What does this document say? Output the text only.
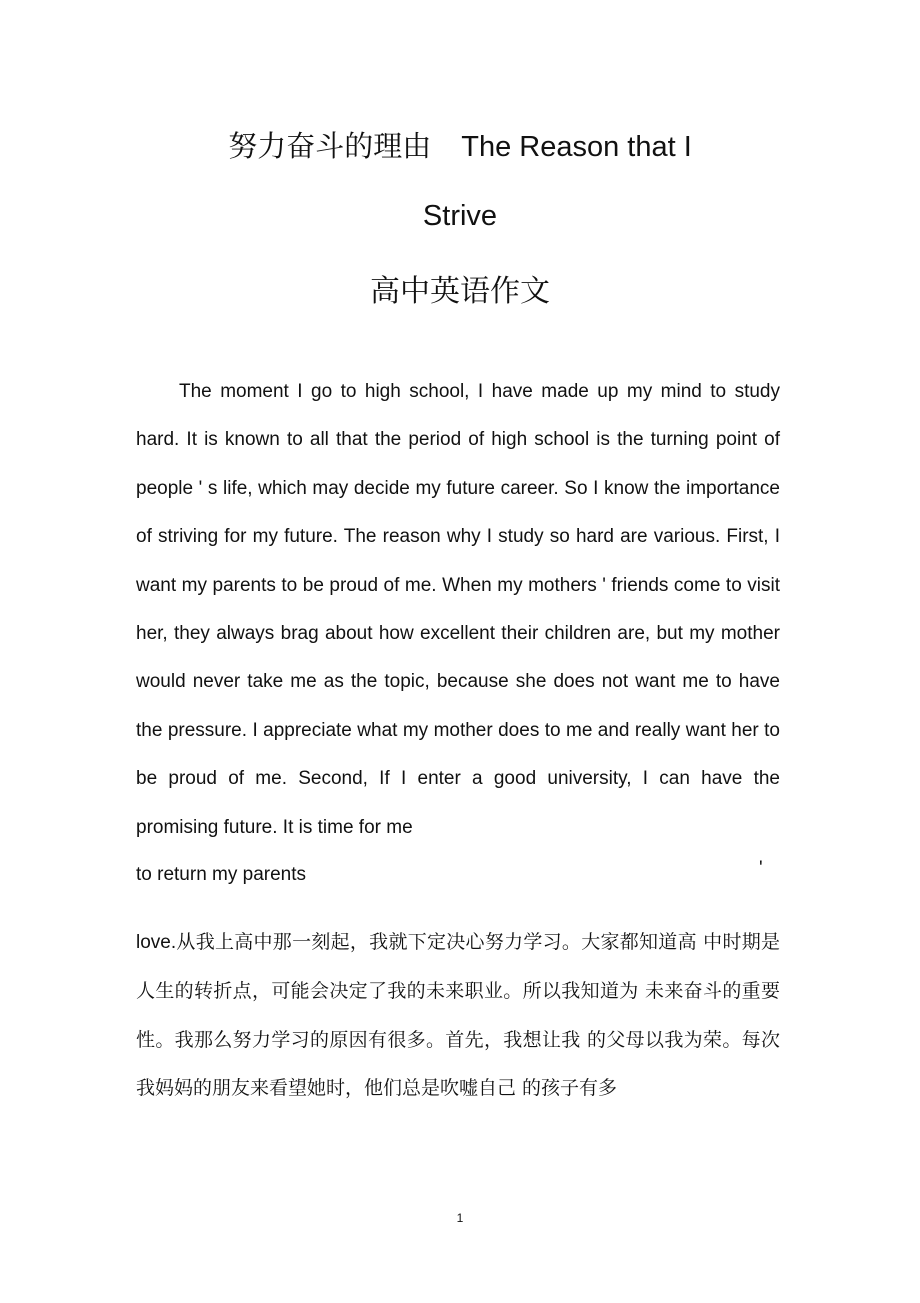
努力奋斗的理由 The Reason that I
Strive
高中英语作文

The moment I go to high school, I have made up my mind to study hard. It is known to all that the period of high school is the turning point of people ' s life, which may decide my future career. So I know the importance of striving for my future. The reason why I study so hard are various. First, I want my parents to be proud of me. When my mothers ' friends come to visit her, they always brag about how excellent their children are, but my mother would never take me as the topic, because she does not want me to have the pressure. I appreciate what my mother does to me and really want her to be proud of me. Second, If I enter a good university, I can have the promising future. It is time for me

to return my parents	'

love.从我上高中那一刻起，我就下定决心努力学习。大家都知道高 中时期是人生的转折点，可能会决定了我的未来职业。所以我知道为 未来奋斗的重要性。我那么努力学习的原因有很多。首先，我想让我 的父母以我为荣。每次我妈妈的朋友来看望她时，他们总是吹嘘自己 的孩子有多

1
